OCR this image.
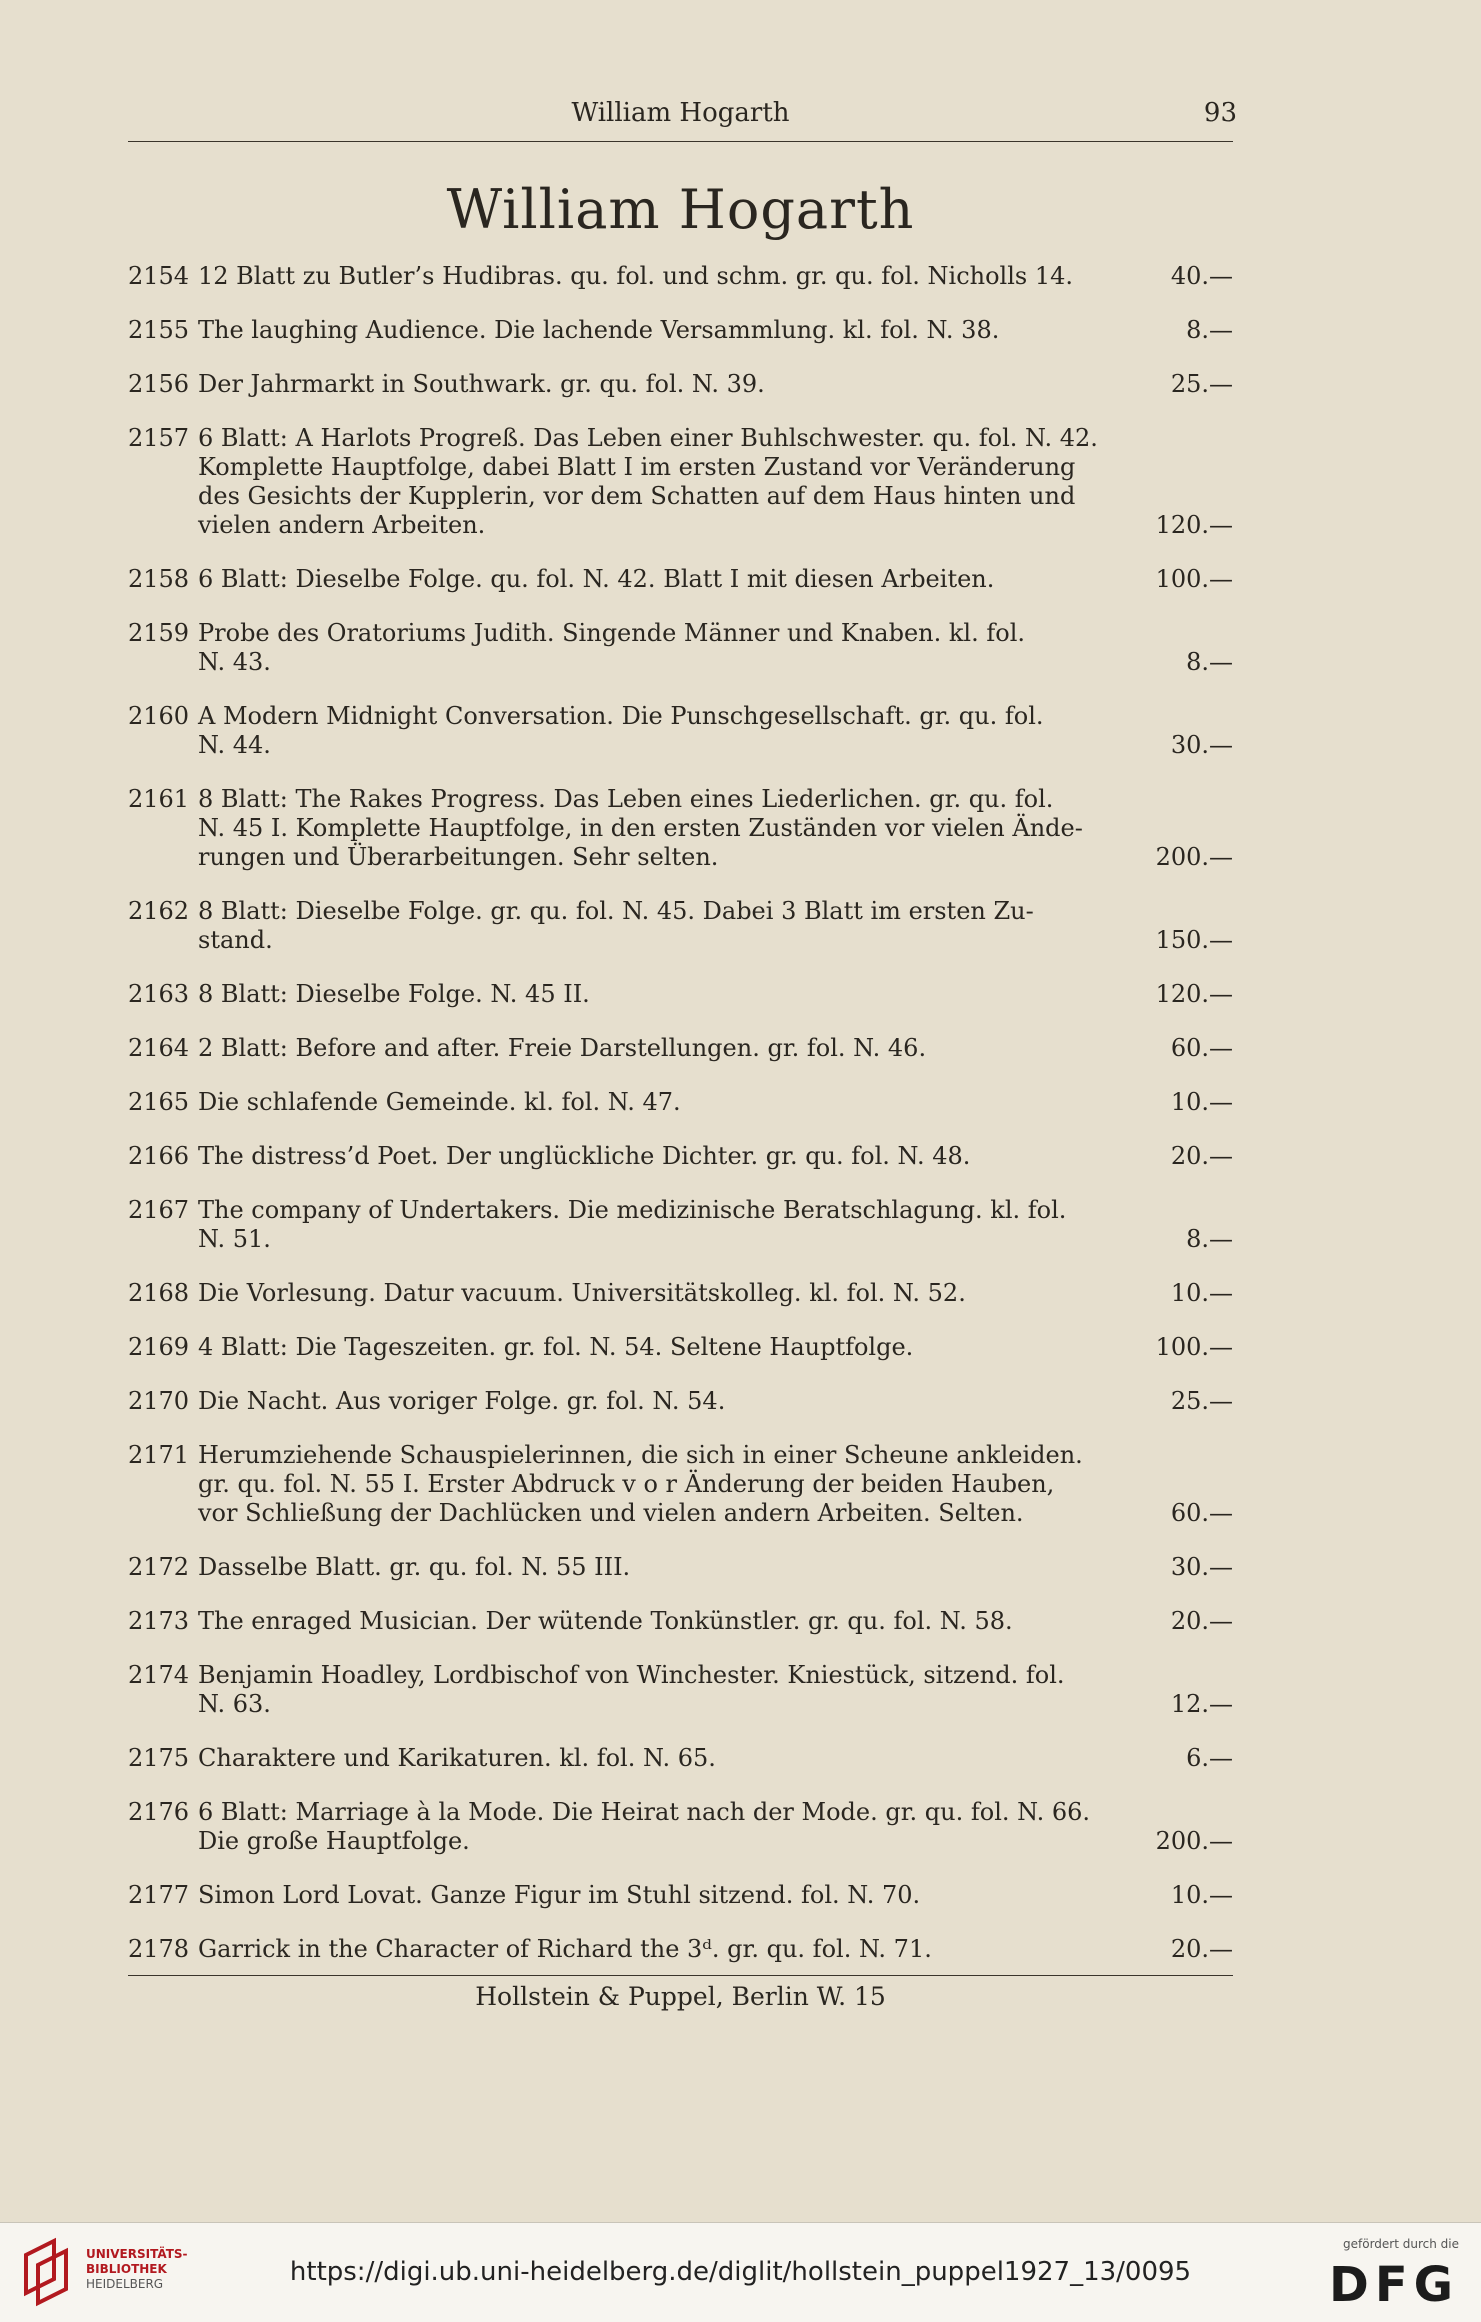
William Hogarth	93
William Hogarth
2154 12 Blatt zu Butler’s Hudibras. qu. fol. und schm. gr. qu. fol. Nicholls 14.	40.—
2155 The laughing Audience. Die lachende Versammlung. kl. fol. N. 38.	8.—
2156 Der Jahrmarkt in Southwark. gr. qu. fol. N. 39.	25.—
2157 6 Blatt: A Harlots Progreß. Das Leben einer Buhlschwester. qu. fol. N. 42.
Komplette Hauptfolge, dabei Blatt I im ersten Zustand vor Veränderung
des Gesichts der Kupplerin, vor dem Schatten auf dem Haus hinten und
vielen andern Arbeiten.	120.—
2158 6 Blatt: Dieselbe Folge. qu. fol. N. 42. Blatt I mit diesen Arbeiten.	100.—
2159 Probe des Oratoriums Judith. Singende Männer und Knaben. kl. fol.
N. 43.	8.—
2160 A Modern Midnight Conversation. Die Punschgesellschaft. gr. qu. fol.
N. 44.	30.—
2161 8 Blatt: The Rakes Progress. Das Leben eines Liederlichen. gr. qu. fol.
N. 45 I. Komplette Hauptfolge, in den ersten Zuständen vor vielen Ände-
rungen und Überarbeitungen. Sehr selten.	200.—
2162 8 Blatt: Dieselbe Folge. gr. qu. fol. N. 45. Dabei 3 Blatt im ersten Zu-
stand.	150.—
2163 8 Blatt: Dieselbe Folge. N. 45 II.	120.—
2164 2 Blatt: Before and after. Freie Darstellungen. gr. fol. N. 46.	60.—
2165 Die schlafende Gemeinde. kl. fol. N. 47.	10.—
2166 The distress’d Poet. Der unglückliche Dichter. gr. qu. fol. N. 48.	20.—
2167 The company of Undertakers. Die medizinische Beratschlagung. kl. fol.
N. 51.	8.—
2168 Die Vorlesung. Datur vacuum. Universitätskolleg. kl. fol. N. 52.	10.—
2169 4 Blatt: Die Tageszeiten. gr. fol. N. 54. Seltene Hauptfolge.	100.—
2170 Die Nacht. Aus voriger Folge. gr. fol. N. 54.	25.—
2171 Herumziehende Schauspielerinnen, die sich in einer Scheune ankleiden.
gr. qu. fol. N. 55 I. Erster Abdruck v o r Änderung der beiden Hauben,
vor Schließung der Dachlücken und vielen andern Arbeiten. Selten.	60.—
2172 Dasselbe Blatt. gr. qu. fol. N. 55 III.	30.—
2173 The enraged Musician. Der wütende Tonkünstler. gr. qu. fol. N. 58.	20.—
2174 Benjamin Hoadley, Lordbischof von Winchester. Kniestück, sitzend. fol.
N. 63.	12.—
2175 Charaktere und Karikaturen. kl. fol. N. 65.	6.—
2176 6 Blatt: Marriage à la Mode. Die Heirat nach der Mode. gr. qu. fol. N. 66.
Die große Hauptfolge.	200.—
2177 Simon Lord Lovat. Ganze Figur im Stuhl sitzend. fol. N. 70.	10.—
2178 Garrick in the Character of Richard the 3ᵈ. gr. qu. fol. N. 71.	20.—
Hollstein & Puppel, Berlin W. 15
UNIVERSITÄTS-
BIBLIOTHEK
HEIDELBERG	https://digi.ub.uni-heidelberg.de/diglit/hollstein_puppel1927_13/0095
gefördert durch die
DFG
